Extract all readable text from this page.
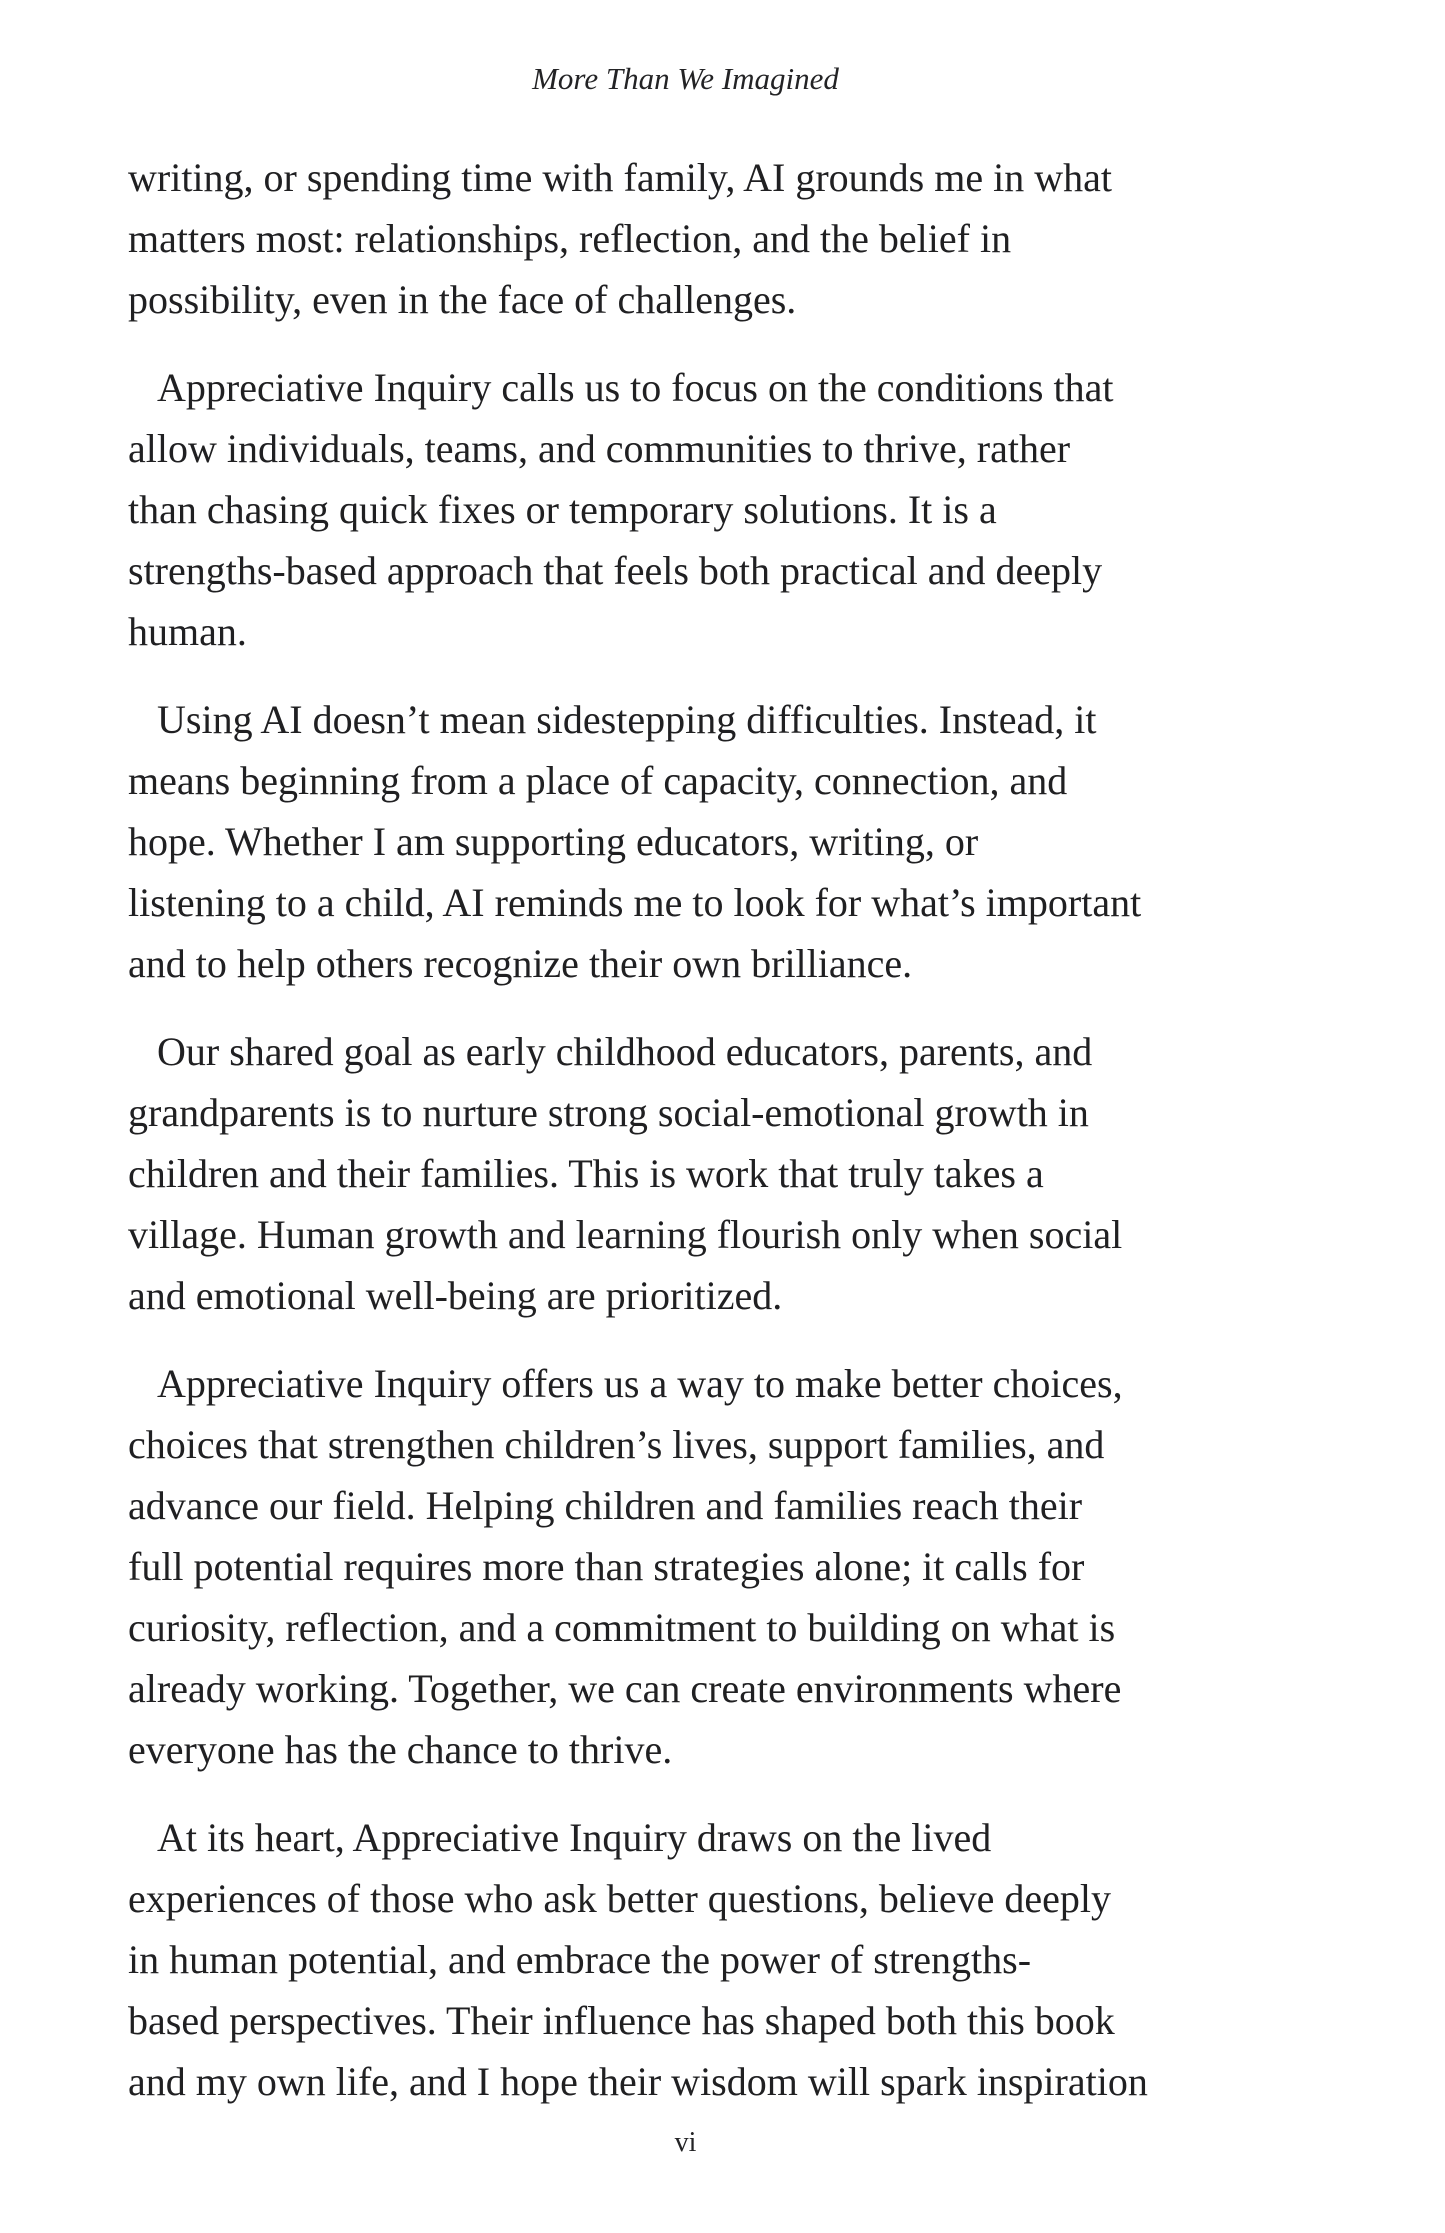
More Than We Imagined
writing, or spending time with family, AI grounds me in what
matters most: relationships, reflection, and the belief in
possibility, even in the face of challenges.
Appreciative Inquiry calls us to focus on the conditions that
allow individuals, teams, and communities to thrive, rather
than chasing quick fixes or temporary solutions. It is a
strengths-based approach that feels both practical and deeply
human.
Using AI doesn’t mean sidestepping difficulties. Instead, it
means beginning from a place of capacity, connection, and
hope. Whether I am supporting educators, writing, or
listening to a child, AI reminds me to look for what’s important
and to help others recognize their own brilliance.
Our shared goal as early childhood educators, parents, and
grandparents is to nurture strong social-emotional growth in
children and their families. This is work that truly takes a
village. Human growth and learning flourish only when social
and emotional well-being are prioritized.
Appreciative Inquiry offers us a way to make better choices,
choices that strengthen children’s lives, support families, and
advance our field. Helping children and families reach their
full potential requires more than strategies alone; it calls for
curiosity, reflection, and a commitment to building on what is
already working. Together, we can create environments where
everyone has the chance to thrive.
At its heart, Appreciative Inquiry draws on the lived
experiences of those who ask better questions, believe deeply
in human potential, and embrace the power of strengths-
based perspectives. Their influence has shaped both this book
and my own life, and I hope their wisdom will spark inspiration
vi
